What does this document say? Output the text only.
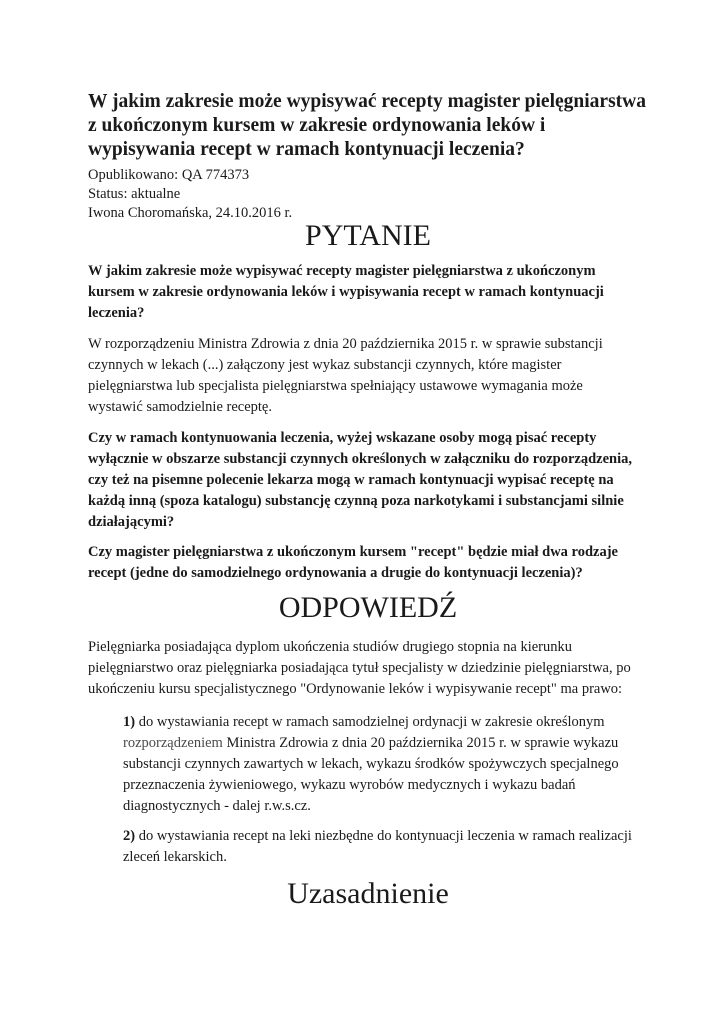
W jakim zakresie może wypisywać recepty magister pielęgniarstwa z ukończonym kursem w zakresie ordynowania leków i wypisywania recept w ramach kontynuacji leczenia?
Opublikowano: QA 774373
Status: aktualne
Iwona Choromańska, 24.10.2016 r.
PYTANIE

W jakim zakresie może wypisywać recepty magister pielęgniarstwa z ukończonym kursem w zakresie ordynowania leków i wypisywania recept w ramach kontynuacji leczenia?

W rozporządzeniu Ministra Zdrowia z dnia 20 października 2015 r. w sprawie substancji czynnych w lekach (...) załączony jest wykaz substancji czynnych, które magister pielęgniarstwa lub specjalista pielęgniarstwa spełniający ustawowe wymagania może wystawić samodzielnie receptę.

Czy w ramach kontynuowania leczenia, wyżej wskazane osoby mogą pisać recepty wyłącznie w obszarze substancji czynnych określonych w załączniku do rozporządzenia, czy też na pisemne polecenie lekarza mogą w ramach kontynuacji wypisać receptę na każdą inną (spoza katalogu) substancję czynną poza narkotykami i substancjami silnie działającymi?

Czy magister pielęgniarstwa z ukończonym kursem "recept" będzie miał dwa rodzaje recept (jedne do samodzielnego ordynowania a drugie do kontynuacji leczenia)?

ODPOWIEDŹ

Pielęgniarka posiadająca dyplom ukończenia studiów drugiego stopnia na kierunku pielęgniarstwo oraz pielęgniarka posiadająca tytuł specjalisty w dziedzinie pielęgniarstwa, po ukończeniu kursu specjalistycznego "Ordynowanie leków i wypisywanie recept" ma prawo:

1) do wystawiania recept w ramach samodzielnej ordynacji w zakresie określonym rozporządzeniem Ministra Zdrowia z dnia 20 października 2015 r. w sprawie wykazu substancji czynnych zawartych w lekach, wykazu środków spożywczych specjalnego przeznaczenia żywieniowego, wykazu wyrobów medycznych i wykazu badań diagnostycznych - dalej r.w.s.cz.

2) do wystawiania recept na leki niezbędne do kontynuacji leczenia w ramach realizacji zleceń lekarskich.

Uzasadnienie
